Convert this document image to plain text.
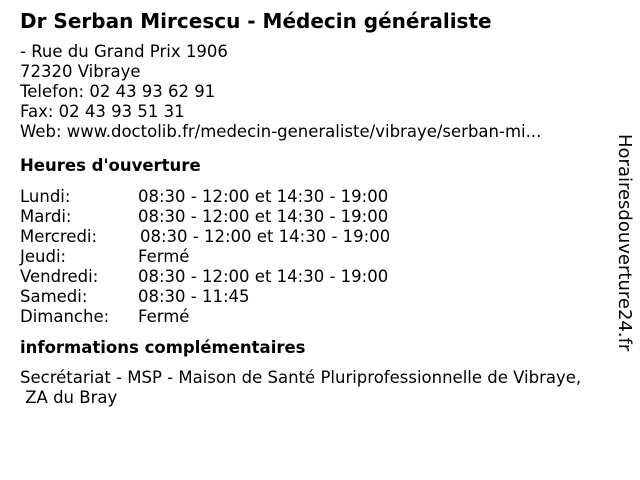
Dr Serban Mircescu - Médecin généraliste
- Rue du Grand Prix 1906
72320 Vibraye
Telefon: 02 43 93 62 91
Fax: 02 43 93 51 31
Web: www.doctolib.fr/medecin-generaliste/vibraye/serban-mi...
Heures d'ouverture
Lundi:	08:30 - 12:00 et 14:30 - 19:00
Mardi:	08:30 - 12:00 et 14:30 - 19:00
Mercredi:	08:30 - 12:00 et 14:30 - 19:00
Jeudi:	Fermé
Vendredi: 08:30 - 12:00 et 14:30 - 19:00
Samedi:	08:30 - 11:45
Dimanche: Fermé
informations complémentaires
Secrétariat - MSP - Maison de Santé Pluriprofessionnelle de Vibraye,
ZA du Bray
Horairesdouverture24.fr
